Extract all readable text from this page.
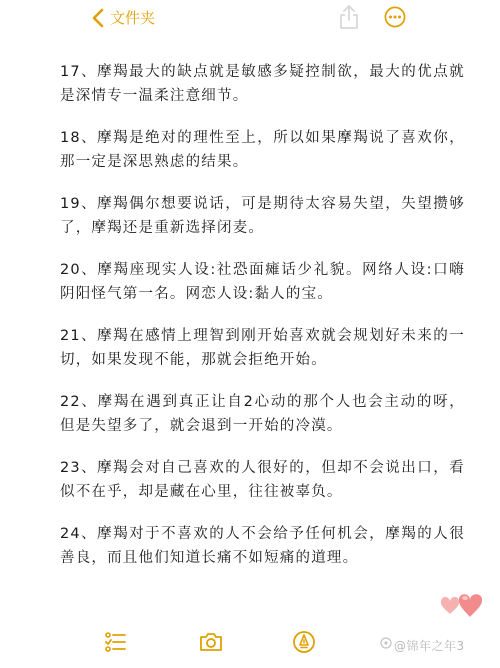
文件夹

17、摩羯最大的缺点就是敏感多疑控制欲，最大的优点就是深情专一温柔注意细节。

18、摩羯是绝对的理性至上，所以如果摩羯说了喜欢你，那一定是深思熟虑的结果。

19、摩羯偶尔想要说话，可是期待太容易失望，失望攒够了，摩羯还是重新选择闭麦。

20、摩羯座现实人设:社恐面瘫话少礼貌。网络人设:口嗨阴阳怪气第一名。网恋人设:黏人的宝。

21、摩羯在感情上理智到刚开始喜欢就会规划好未来的一切，如果发现不能，那就会拒绝开始。

22、摩羯在遇到真正让自2心动的那个人也会主动的呀，但是失望多了，就会退到一开始的冷漠。

23、摩羯会对自己喜欢的人很好的，但却不会说出口，看似不在乎，却是藏在心里，往往被辜负。

24、摩羯对于不喜欢的人不会给予任何机会，摩羯的人很善良，而且他们知道长痛不如短痛的道理。

@锦年之年3
